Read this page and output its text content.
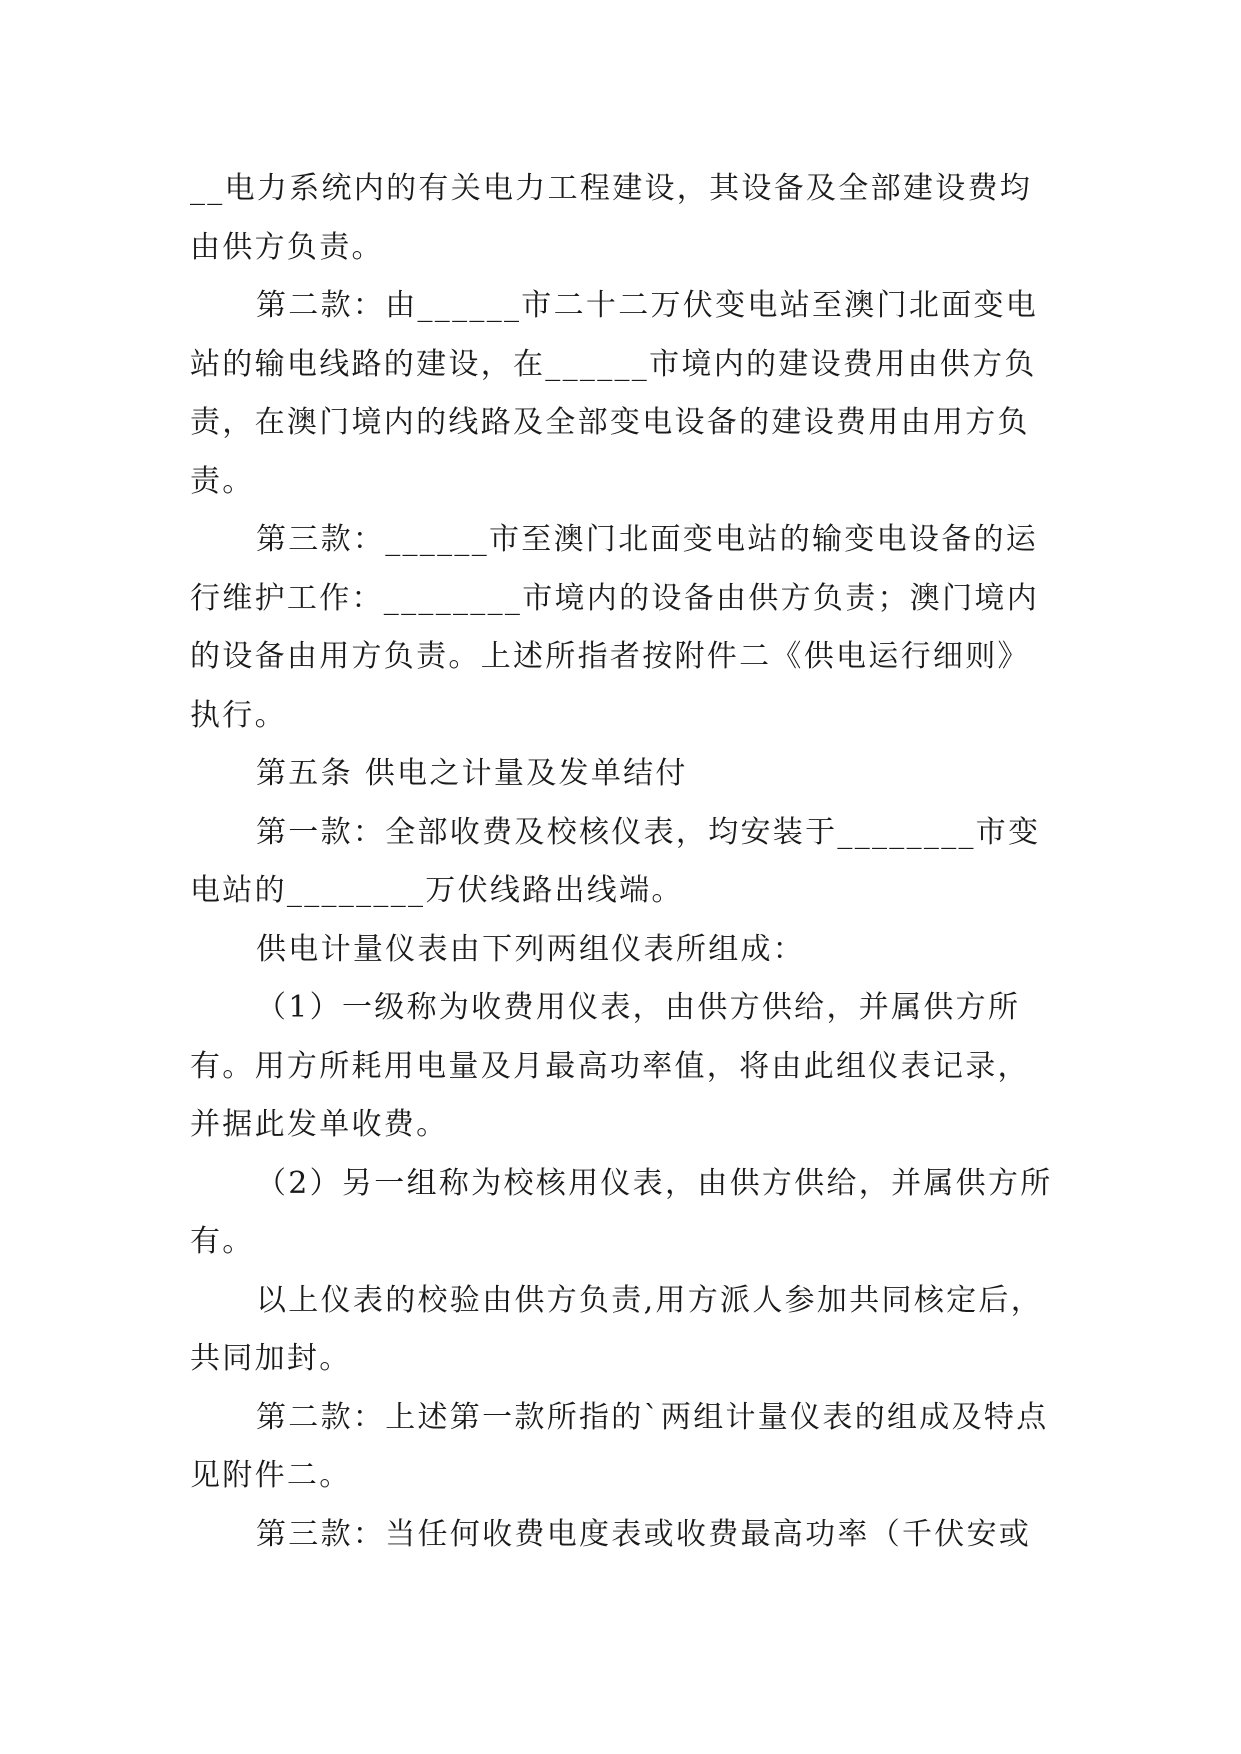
__电力系统内的有关电力工程建设，其设备及全部建设费均由供方负责。

第二款：由______市二十二万伏变电站至澳门北面变电站的输电线路的建设，在______市境内的建设费用由供方负责，在澳门境内的线路及全部变电设备的建设费用由用方负责。

第三款：______市至澳门北面变电站的输变电设备的运行维护工作：________市境内的设备由供方负责；澳门境内的设备由用方负责。上述所指者按附件二《供电运行细则》执行。

第五条 供电之计量及发单结付

第一款：全部收费及校核仪表，均安装于________市变电站的________万伏线路出线端。

供电计量仪表由下列两组仪表所组成：

（1）一级称为收费用仪表，由供方供给，并属供方所有。用方所耗用电量及月最高功率值，将由此组仪表记录，并据此发单收费。

（2）另一组称为校核用仪表，由供方供给，并属供方所有。

以上仪表的校验由供方负责,用方派人参加共同核定后，共同加封。

第二款：上述第一款所指的`两组计量仪表的组成及特点见附件二。

第三款：当任何收费电度表或收费最高功率（千伏安或
